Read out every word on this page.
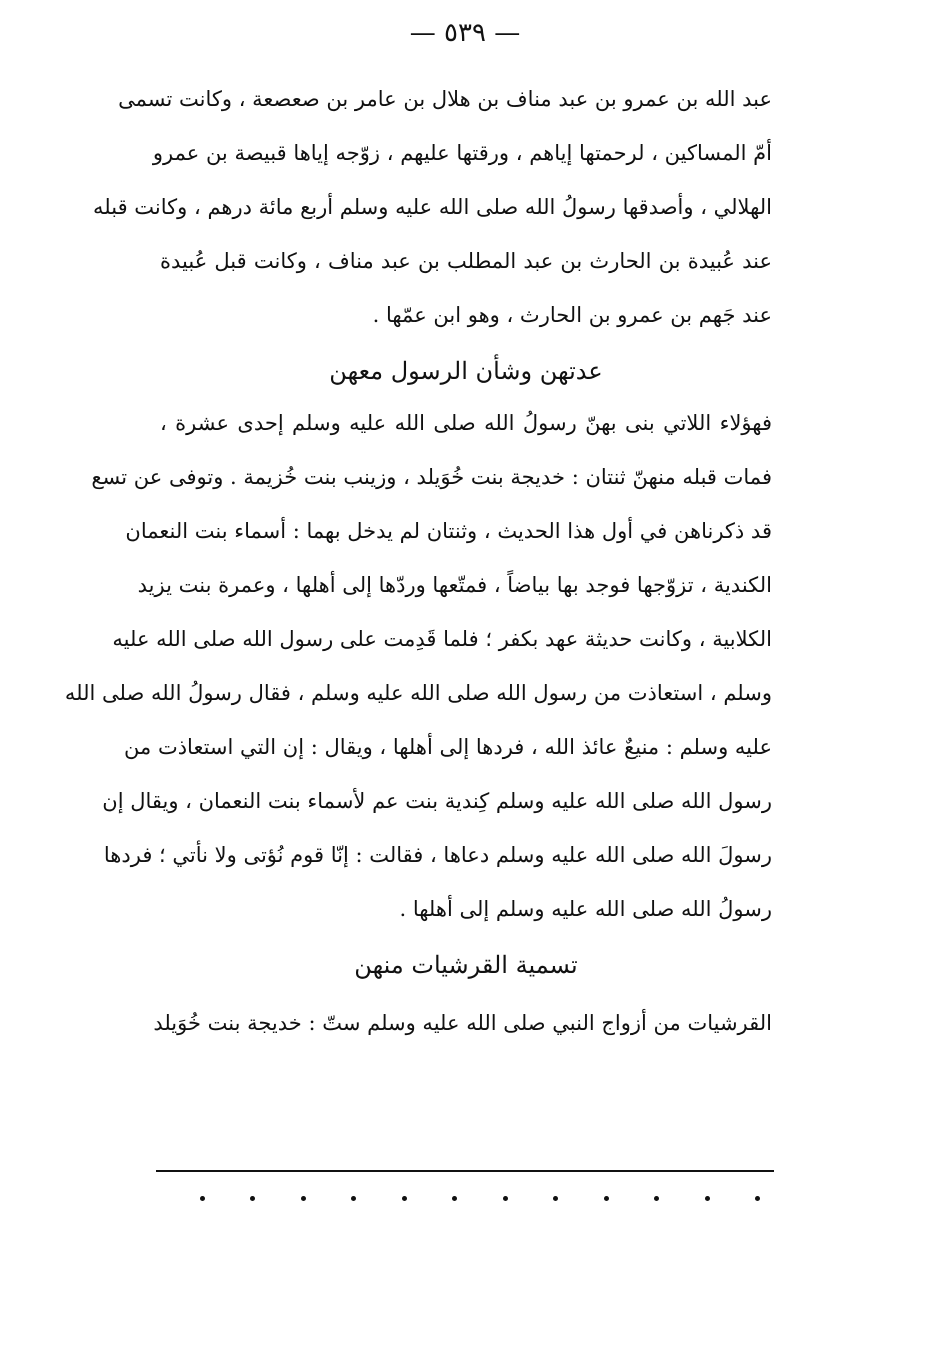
— ٥٣٩ —
عبد الله بن عمرو بن عبد مناف بن هلال بن عامر بن صعصعة ، وكانت تسمى
أمّ المساكين ، لرحمتها إياهم ، ورقتها عليهم ، زوّجه إياها قبيصة بن عمرو
الهلالي ، وأصدقها رسولُ الله صلى الله عليه وسلم أربع مائة درهم ، وكانت قبله
عند عُبيدة بن الحارث بن عبد المطلب بن عبد مناف ، وكانت قبل عُبيدة
عند جَهم بن عمرو بن الحارث ، وهو ابن عمّها .
عدتهن وشأن الرسول معهن
فهؤلاء اللاتي بنى بهنّ رسولُ الله صلى الله عليه وسلم إحدى عشرة ،
فمات قبله منهنّ ثنتان : خديجة بنت خُوَيلد ، وزينب بنت خُزيمة . وتوفى عن تسع
قد ذكرناهن في أول هذا الحديث ، وثنتان لم يدخل بهما : أسماء بنت النعمان
الكندية ، تزوّجها فوجد بها بياضاً ، فمتّعها وردّها إلى أهلها ، وعمرة بنت يزيد
الكلابية ، وكانت حديثة عهد بكفر ؛ فلما قَدِمت على رسول الله صلى الله عليه
وسلم ، استعاذت من رسول الله صلى الله عليه وسلم ، فقال رسولُ الله صلى الله
عليه وسلم : منيعٌ عائذ الله ، فردها إلى أهلها ، ويقال : إن التي استعاذت من
رسول الله صلى الله عليه وسلم كِندية بنت عم لأسماء بنت النعمان ، ويقال إن
رسولَ الله صلى الله عليه وسلم دعاها ، فقالت : إنّا قوم نُؤتى ولا نأتي ؛ فردها
رسولُ الله صلى الله عليه وسلم إلى أهلها .
تسمية القرشيات منهن
القرشيات من أزواج النبي صلى الله عليه وسلم ستّ : خديجة بنت خُوَيلد
